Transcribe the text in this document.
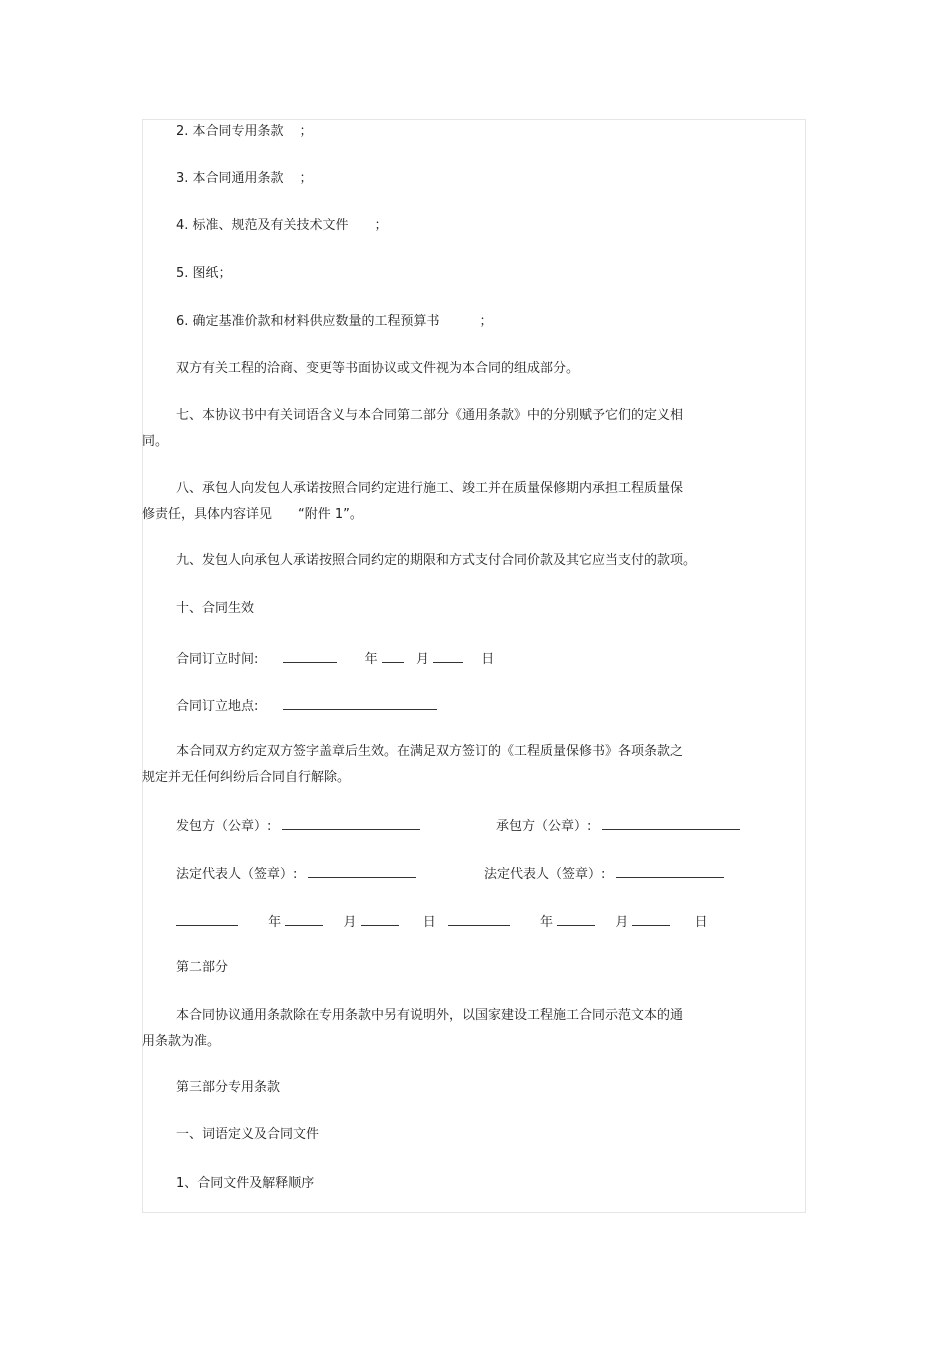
2. 本合同专用条款 ；
3. 本合同通用条款 ；
4. 标准、规范及有关技术文件 ；
5. 图纸；
6. 确定基准价款和材料供应数量的工程预算书	；
双方有关工程的洽商、变更等书面协议或文件视为本合同的组成部分。
七、本协议书中有关词语含义与本合同第二部分《通用条款》中的分别赋予它们的定义相
同。
八、承包人向发包人承诺按照合同约定进行施工、竣工并在质量保修期内承担工程质量保
修责任，具体内容详见 “附件 1”。
九、发包人向承包人承诺按照合同约定的期限和方式支付合同价款及其它应当支付的款项。
十、合同生效
合同订立时间:	年	月	日
合同订立地点:
本合同双方约定双方签字盖章后生效。在满足双方签订的《工程质量保修书》各项条款之
规定并无任何纠纷后合同自行解除。
发包方（公章）:	承包方（公章）:
法定代表人（签章）:	法定代表人（签章）:
年	月	日	年	月	日
第二部分
本合同协议通用条款除在专用条款中另有说明外，以国家建设工程施工合同示范文本的通
用条款为准。
第三部分专用条款
一、词语定义及合同文件
1、合同文件及解释顺序
